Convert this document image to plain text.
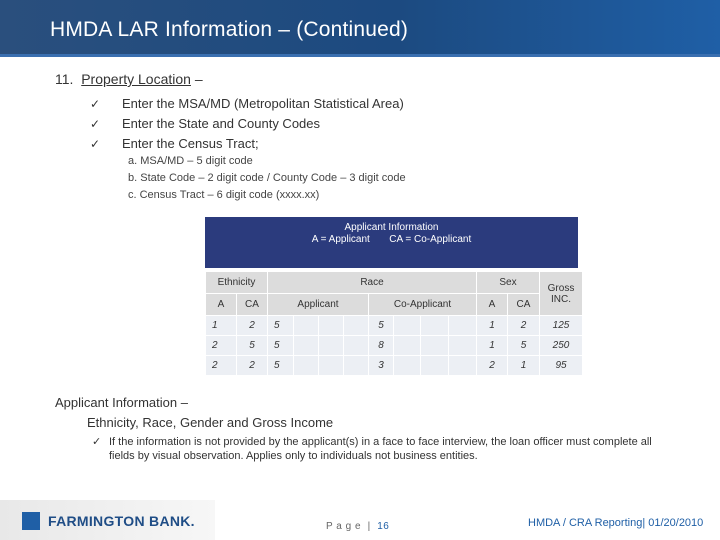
HMDA LAR Information – (Continued)
11. Property Location –
✓ Enter the MSA/MD (Metropolitan Statistical Area)
✓ Enter the State and County Codes
✓ Enter the Census Tract;
a. MSA/MD – 5 digit code
b. State Code – 2 digit code / County Code – 3 digit code
c. Census Tract – 6 digit code (xxxx.xx)
Applicant Information
A = Applicant       CA = Co-Applicant
Ethnicity		Race								Sex		Gross INC.
A	CA	Applicant				Co-Applicant				A	CA	
1	2	5				5				1	2	125
2	5	5				8				1	5	250
2	2	5				3				2	1	95
Applicant Information –
Ethnicity, Race, Gender and Gross Income
✓ If the information is not provided by the applicant(s) in a face to face interview, the loan officer must complete all fields by visual observation. Applies only to individuals not business entities.
FARMINGTON BANK.	P a g e  |  16	HMDA / CRA Reporting| 01/20/2010
